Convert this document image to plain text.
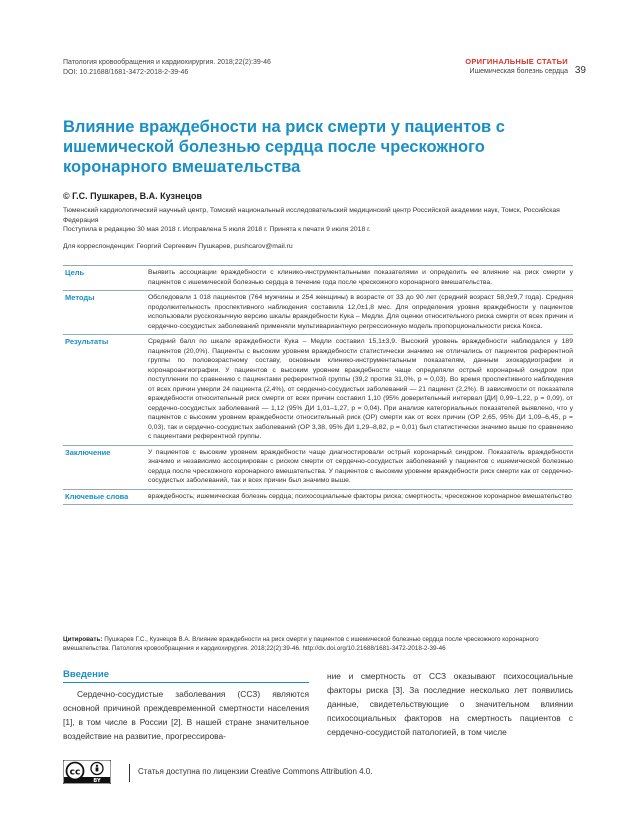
Патология кровообращения и кардиохирургия. 2018;22(2):39-46
DOI: 10.21688/1681-3472-2018-2-39-46
ОРИГИНАЛЬНЫЕ СТАТЬИ
Ишемическая болезнь сердца 39
Влияние враждебности на риск смерти у пациентов с ишемической болезнью сердца после чрескожного коронарного вмешательства
© Г.С. Пушкарев, В.А. Кузнецов
Тюменский кардиологический научный центр, Томский национальный исследовательский медицинский центр Российской академии наук, Томск, Российская Федерация
Поступила в редакцию 30 мая 2018 г. Исправлена 5 июля 2018 г. Принята к печати 9 июля 2018 г.
Для корреспонденции: Георгий Сергеевич Пушкарев, pushcarov@mail.ru
Цель	Выявить ассоциации враждебности с клинико-инструментальными показателями и определить ее влияние на риск смерти у пациентов с ишемической болезнью сердца в течение года после чрескожного коронарного вмешательства.
Методы	Обследовали 1 018 пациентов (764 мужчины и 254 женщины) в возрасте от 33 до 90 лет (средний возраст 58,9±9,7 года). Средняя продолжительность проспективного наблюдения составила 12,0±1,8 мес. Для определения уровня враждебности у пациентов использовали русскоязычную версию шкалы враждебности Кука – Медли. Для оценки относительного риска смерти от всех причин и сердечно-сосудистых заболеваний применяли мультивариантную регрессионную модель пропорциональности риска Кокса.
Результаты	Средний балл по шкале враждебности Кука – Медли составил 15,1±3,9. Высокий уровень враждебности наблюдался у 189 пациентов (20,0%). Пациенты с высоким уровнем враждебности статистически значимо не отличались от пациентов референтной группы по половозрастному составу, основным клинико-инструментальным показателям, данным эхокардиографии и коронароангиографии. У пациентов с высоким уровнем враждебности чаще определяли острый коронарный синдром при поступлении по сравнению с пациентами референтной группы (39,2 против 31,0%, p = 0,03). Во время проспективного наблюдения от всех причин умерли 24 пациента (2,4%), от сердечно-сосудистых заболеваний — 21 пациент (2,2%). В зависимости от показателя враждебности относительный риск смерти от всех причин составил 1,10 (95% доверительный интервал [ДИ] 0,99–1,22, p = 0,09), от сердечно-сосудистых заболеваний — 1,12 (95% ДИ 1,01–1,27, p = 0,04). При анализе категориальных показателей выявлено, что у пациентов с высоким уровнем враждебности относительный риск (ОР) смерти как от всех причин (ОР 2,65, 95% ДИ 1,09–6,45, p = 0,03), так и сердечно-сосудистых заболеваний (ОР 3,38, 95% ДИ 1,29–8,82, p = 0,01) был статистически значимо выше по сравнению с пациентами референтной группы.
Заключение	У пациентов с высоким уровнем враждебности чаще диагностировали острый коронарный синдром. Показатель враждебности значимо и независимо ассоциирован с риском смерти от сердечно-сосудистых заболеваний у пациентов с ишемической болезнью сердца после чрескожного коронарного вмешательства. У пациентов с высоким уровнем враждебности риск смерти как от сердечно-сосудистых заболеваний, так и всех причин был значимо выше.
Ключевые слова	враждебность; ишемическая болезнь сердца; психосоциальные факторы риска; смертность; чрескожное коронарное вмешательство
Цитировать: Пушкарев Г.С., Кузнецов В.А. Влияние враждебности на риск смерти у пациентов с ишемической болезнью сердца после чрескожного коронарного вмешательства. Патология кровообращения и кардиохирургия. 2018;22(2):39-46. http://dx.doi.org/10.21688/1681-3472-2018-2-39-46
Введение
Сердечно-сосудистые заболевания (ССЗ) являются основной причиной преждевременной смертности населения [1], в том числе в России [2]. В нашей стране значительное воздействие на развитие, прогрессирова-
ние и смертность от ССЗ оказывают психосоциальные факторы риска [3]. За последние несколько лет появились данные, свидетельствующие о значительном влиянии психосоциальных факторов на смертность пациентов с сердечно-сосудистой патологией, в том числе
cc
BY
Статья доступна по лицензии Creative Commons Attribution 4.0.
